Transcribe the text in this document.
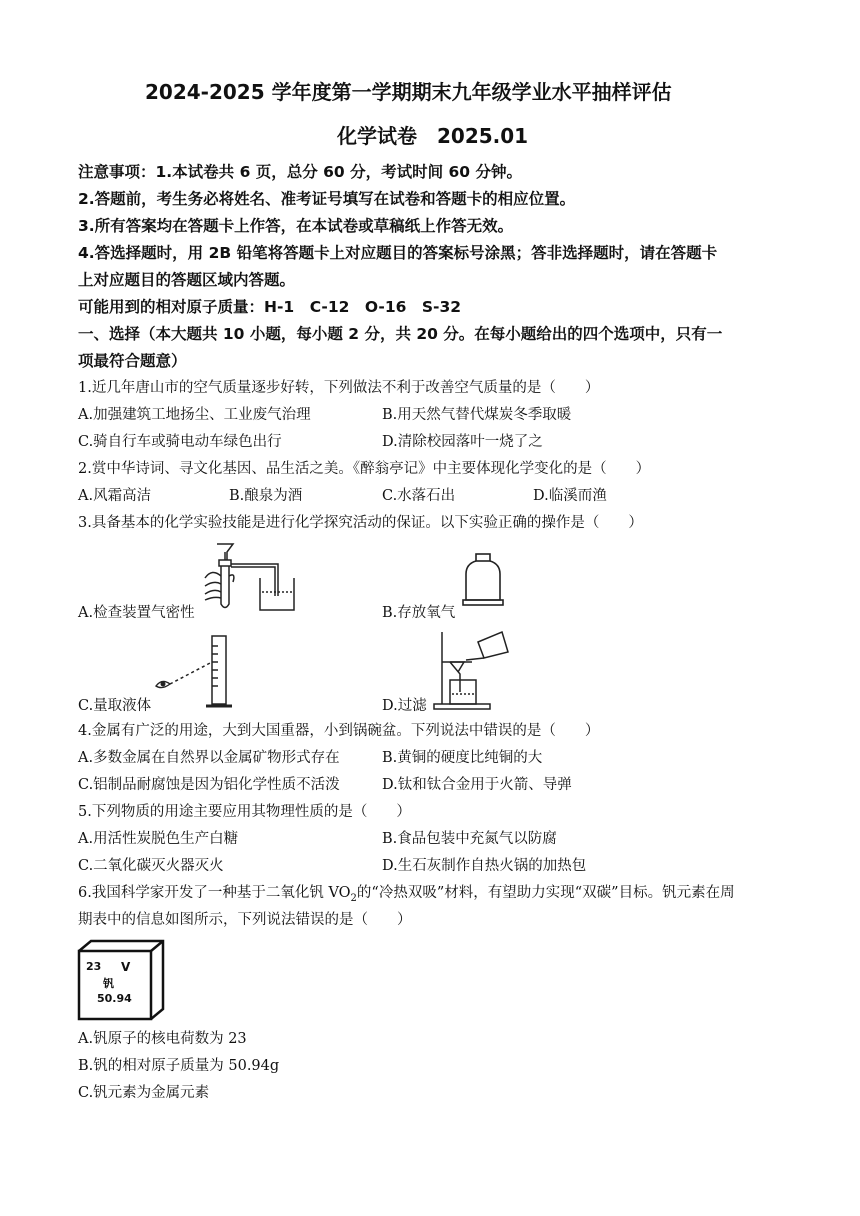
2024-2025 学年度第一学期期末九年级学业水平抽样评估
化学试卷　2025.01
注意事项：1.本试卷共 6 页，总分 60 分，考试时间 60 分钟。
2.答题前，考生务必将姓名、准考证号填写在试卷和答题卡的相应位置。
3.所有答案均在答题卡上作答，在本试卷或草稿纸上作答无效。
4.答选择题时，用 2B 铅笔将答题卡上对应题目的答案标号涂黑；答非选择题时，请在答题卡
上对应题目的答题区域内答题。
可能用到的相对原子质量：H-1　C-12　O-16　S-32
一、选择（本大题共 10 小题，每小题 2 分，共 20 分。在每小题给出的四个选项中，只有一
项最符合题意）
1.近几年唐山市的空气质量逐步好转，下列做法不利于改善空气质量的是（　　）
A.加强建筑工地扬尘、工业废气治理	B.用天然气替代煤炭冬季取暖
C.骑自行车或骑电动车绿色出行	D.清除校园落叶一烧了之
2.赏中华诗词、寻文化基因、品生活之美。《醉翁亭记》中主要体现化学变化的是（　　）
A.风霜高洁	B.酿泉为酒	C.水落石出	D.临溪而渔
3.具备基本的化学实验技能是进行化学探究活动的保证。以下实验正确的操作是（　　）
A.检查装置气密性	B.存放氧气
C.量取液体	D.过滤
4.金属有广泛的用途，大到大国重器，小到锅碗盆。下列说法中错误的是（　　）
A.多数金属在自然界以金属矿物形式存在	B.黄铜的硬度比纯铜的大
C.铝制品耐腐蚀是因为铝化学性质不活泼	D.钛和钛合金用于火箭、导弹
5.下列物质的用途主要应用其物理性质的是（　　）
A.用活性炭脱色生产白糖	B.食品包装中充氮气以防腐
C.二氧化碳灭火器灭火	D.生石灰制作自热火锅的加热包
6.我国科学家开发了一种基于二氧化钒 $VO_2$的“冷热双吸”材料，有望助力实现“双碳”目标。钒元素在周
期表中的信息如图所示，下列说法错误的是（　　）
23 V
钒
50.94
A.钒原子的核电荷数为 23
B.钒的相对原子质量为 50.94g
C.钒元素为金属元素
